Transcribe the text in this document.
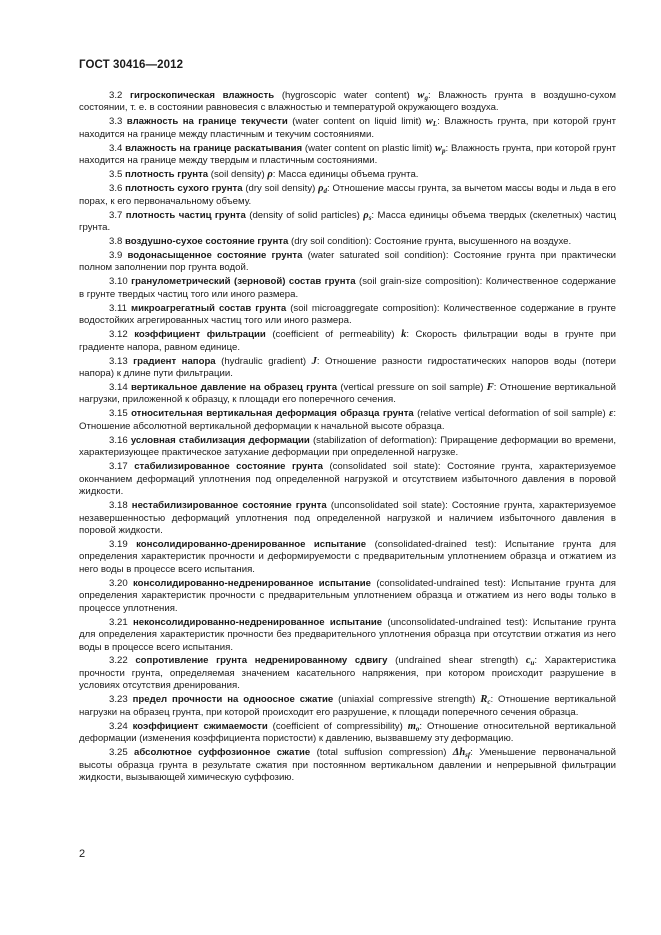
ГОСТ 30416—2012

3.2 гигроскопическая влажность (hygroscopic water content) $w_g$: Влажность грунта в воздушно-сухом состоянии, т. е. в состоянии равновесия с влажностью и температурой окружающего воздуха.

3.3 влажность на границе текучести (water content on liquid limit) $w_L$: Влажность грунта, при которой грунт находится на границе между пластичным и текучим состояниями.

3.4 влажность на границе раскатывания (water content on plastic limit) $w_p$: Влажность грунта, при которой грунт находится на границе между твердым и пластичным состояниями.

3.5 плотность грунта (soil density) ρ: Масса единицы объема грунта.

3.6 плотность сухого грунта (dry soil density) $\rho_d$: Отношение массы грунта, за вычетом массы воды и льда в его порах, к его первоначальному объему.

3.7 плотность частиц грунта (density of solid particles) $\rho_s$: Масса единицы объема твердых (скелетных) частиц грунта.

3.8 воздушно-сухое состояние грунта (dry soil condition): Состояние грунта, высушенного на воздухе.

3.9 водонасыщенное состояние грунта (water saturated soil condition): Состояние грунта при практически полном заполнении пор грунта водой.

3.10 гранулометрический (зерновой) состав грунта (soil grain-size composition): Количественное содержание в грунте твердых частиц того или иного размера.

3.11 микроагрегатный состав грунта (soil microaggregate composition): Количественное содержание в грунте водостойких агрегированных частиц того или иного размера.

3.12 коэффициент фильтрации (coefficient of permeability) k: Скорость фильтрации воды в грунте при градиенте напора, равном единице.

3.13 градиент напора (hydraulic gradient) J: Отношение разности гидростатических напоров воды (потери напора) к длине пути фильтрации.

3.14 вертикальное давление на образец грунта (vertical pressure on soil sample) F: Отношение вертикальной нагрузки, приложенной к образцу, к площади его поперечного сечения.

3.15 относительная вертикальная деформация образца грунта (relative vertical deformation of soil sample) ε: Отношение абсолютной вертикальной деформации к начальной высоте образца.

3.16 условная стабилизация деформации (stabilization of deformation): Приращение деформации во времени, характеризующее практическое затухание деформации при определенной нагрузке.

3.17 стабилизированное состояние грунта (consolidated soil state): Состояние грунта, характеризуемое окончанием деформаций уплотнения под определенной нагрузкой и отсутствием избыточного давления в поровой жидкости.

3.18 нестабилизированное состояние грунта (unconsolidated soil state): Состояние грунта, характеризуемое незавершенностью деформаций уплотнения под определенной нагрузкой и наличием избыточного давления в поровой жидкости.

3.19 консолидированно-дренированное испытание (consolidated-drained test): Испытание грунта для определения характеристик прочности и деформируемости с предварительным уплотнением образца и отжатием из него воды в процессе всего испытания.

3.20 консолидированно-недренированное испытание (consolidated-undrained test): Испытание грунта для определения характеристик прочности с предварительным уплотнением образца и отжатием из него воды только в процессе уплотнения.

3.21 неконсолидированно-недренированное испытание (unconsolidated-undrained test): Испытание грунта для определения характеристик прочности без предварительного уплотнения образца при отсутствии отжатия из него воды в процессе всего испытания.

3.22 сопротивление грунта недренированному сдвигу (undrained shear strength) $c_u$: Характеристика прочности грунта, определяемая значением касательного напряжения, при котором происходит разрушение в условиях отсутствия дренирования.

3.23 предел прочности на одноосное сжатие (uniaxial compressive strength) $R_c$: Отношение вертикальной нагрузки на образец грунта, при которой происходит его разрушение, к площади поперечного сечения образца.

3.24 коэффициент сжимаемости (coefficient of compressibility) $m_o$: Отношение относительной вертикальной деформации (изменения коэффициента пористости) к давлению, вызвавшему эту деформацию.

3.25 абсолютное суффозионное сжатие (total suffusion compression) $\Delta h_{sf}$: Уменьшение первоначальной высоты образца грунта в результате сжатия при постоянном вертикальном давлении и непрерывной фильтрации жидкости, вызывающей химическую суффозию.

2
